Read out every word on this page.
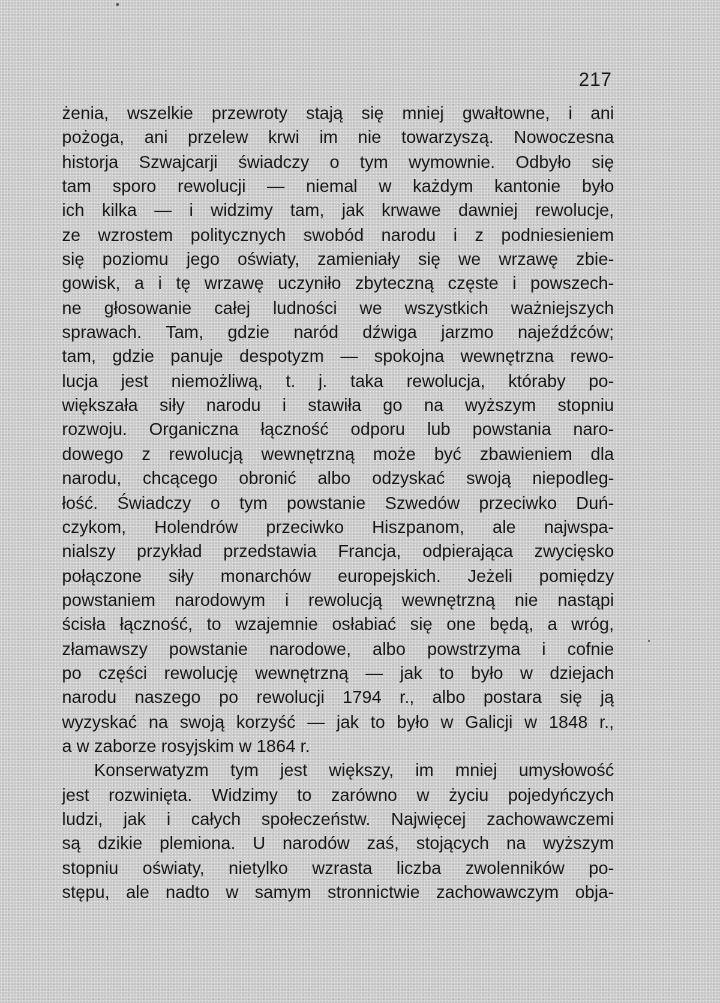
217
żenia, wszelkie przewroty stają się mniej gwałtowne, i ani
pożoga, ani przelew krwi im nie towarzyszą. Nowoczesna
historja Szwajcarji świadczy o tym wymownie. Odbyło się
tam sporo rewolucji — niemal w każdym kantonie było
ich kilka — i widzimy tam, jak krwawe dawniej rewolucje,
ze wzrostem politycznych swobód narodu i z podniesieniem
się poziomu jego oświaty, zamieniały się we wrzawę zbie-
gowisk, a i tę wrzawę uczyniło zbyteczną częste i powszech-
ne głosowanie całej ludności we wszystkich ważniejszych
sprawach. Tam, gdzie naród dźwiga jarzmo najeźdźców;
tam, gdzie panuje despotyzm — spokojna wewnętrzna rewo-
lucja jest niemożliwą, t. j. taka rewolucja, któraby po-
większała siły narodu i stawiła go na wyższym stopniu
rozwoju. Organiczna łączność odporu lub powstania naro-
dowego z rewolucją wewnętrzną może być zbawieniem dla
narodu, chcącego obronić albo odzyskać swoją niepodleg-
łość. Świadczy o tym powstanie Szwedów przeciwko Duń-
czykom, Holendrów przeciwko Hiszpanom, ale najwspa-
nialszy przykład przedstawia Francja, odpierająca zwycięsko
połączone siły monarchów europejskich. Jeżeli pomiędzy
powstaniem narodowym i rewolucją wewnętrzną nie nastąpi
ścisła łączność, to wzajemnie osłabiać się one będą, a wróg,
złamawszy powstanie narodowe, albo powstrzyma i cofnie
po części rewolucję wewnętrzną — jak to było w dziejach
narodu naszego po rewolucji 1794 r., albo postara się ją
wyzyskać na swoją korzyść — jak to było w Galicji w 1848 r.,
a w zaborze rosyjskim w 1864 r.
Konserwatyzm tym jest większy, im mniej umysłowość
jest rozwinięta. Widzimy to zarówno w życiu pojedyńczych
ludzi, jak i całych społeczeństw. Najwięcej zachowawczemi
są dzikie plemiona. U narodów zaś, stojących na wyższym
stopniu oświaty, nietylko wzrasta liczba zwolenników po-
stępu, ale nadto w samym stronnictwie zachowawczym obja-
